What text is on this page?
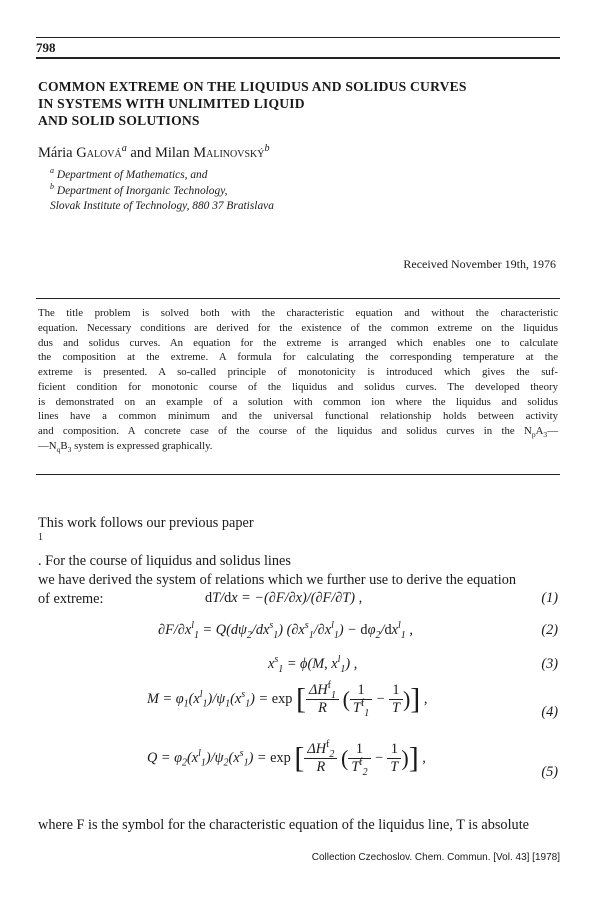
798
COMMON EXTREME ON THE LIQUIDUS AND SOLIDUS CURVES
IN SYSTEMS WITH UNLIMITED LIQUID
AND SOLID SOLUTIONS
Mária Galová$^a$ and Milan Malinovský$^b$
$^a$ Department of Mathematics, and
$^b$ Department of Inorganic Technology,
Slovak Institute of Technology, 880 37 Bratislava
Received November 19th, 1976
The title problem is solved both with the characteristic equation and without the characteristic
equation. Necessary conditions are derived for the existence of the common extreme on the liquidus
dus and solidus curves. An equation for the extreme is arranged which enables one to calculate
the composition at the extreme. A formula for calculating the corresponding temperature at the
extreme is presented. A so-called principle of monotonicity is introduced which gives the suf-
ficient condition for monotonic course of the liquidus and solidus curves. The developed theory
is demonstrated on an example of a solution with common ion where the liquidus and solidus
lines have a common minimum and the universal functional relationship holds between activity
and composition. A concrete case of the course of the liquidus and solidus curves in the $N_pA_3—$
$—N_qB_3$ system is expressed graphically.
This work follows our previous paper
$^1$
. For the course of liquidus and solidus lines
we have derived the system of relations which we further use to derive the equation
of extreme:	dT/dx = −(∂F/∂x)/(∂F/∂T) ,	(1)
$\partial F/\partial x^l_1 = Q(d\psi_2/dx^s_1) (\partial x^s_1/\partial x^l_1) - d\varphi_2/dx^l_1$ ,	(2)
$x^s_1 = \phi(M$, $x^l_1$) ,	(3)
$M = \varphi_1(x^l_1)/\psi_1(x^s_1) = \exp$ [ $\frac{\Delta H^f_1}{R}$ ( $\frac{1}{T^f_1} - \frac{1}{T}$ )] ,
(4)
$Q = \varphi_2(x^l_1)/\psi_2(x^s_1) = \exp$ [ $\frac{\Delta H^f_2}{R}$ ( $\frac{1}{T^f_2} - \frac{1}{T}$ )] ,
(5)
where F is the symbol for the characteristic equation of the liquidus line, T is absolute
Collection Czechoslov. Chem. Commun. [Vol. 43] [1978]
